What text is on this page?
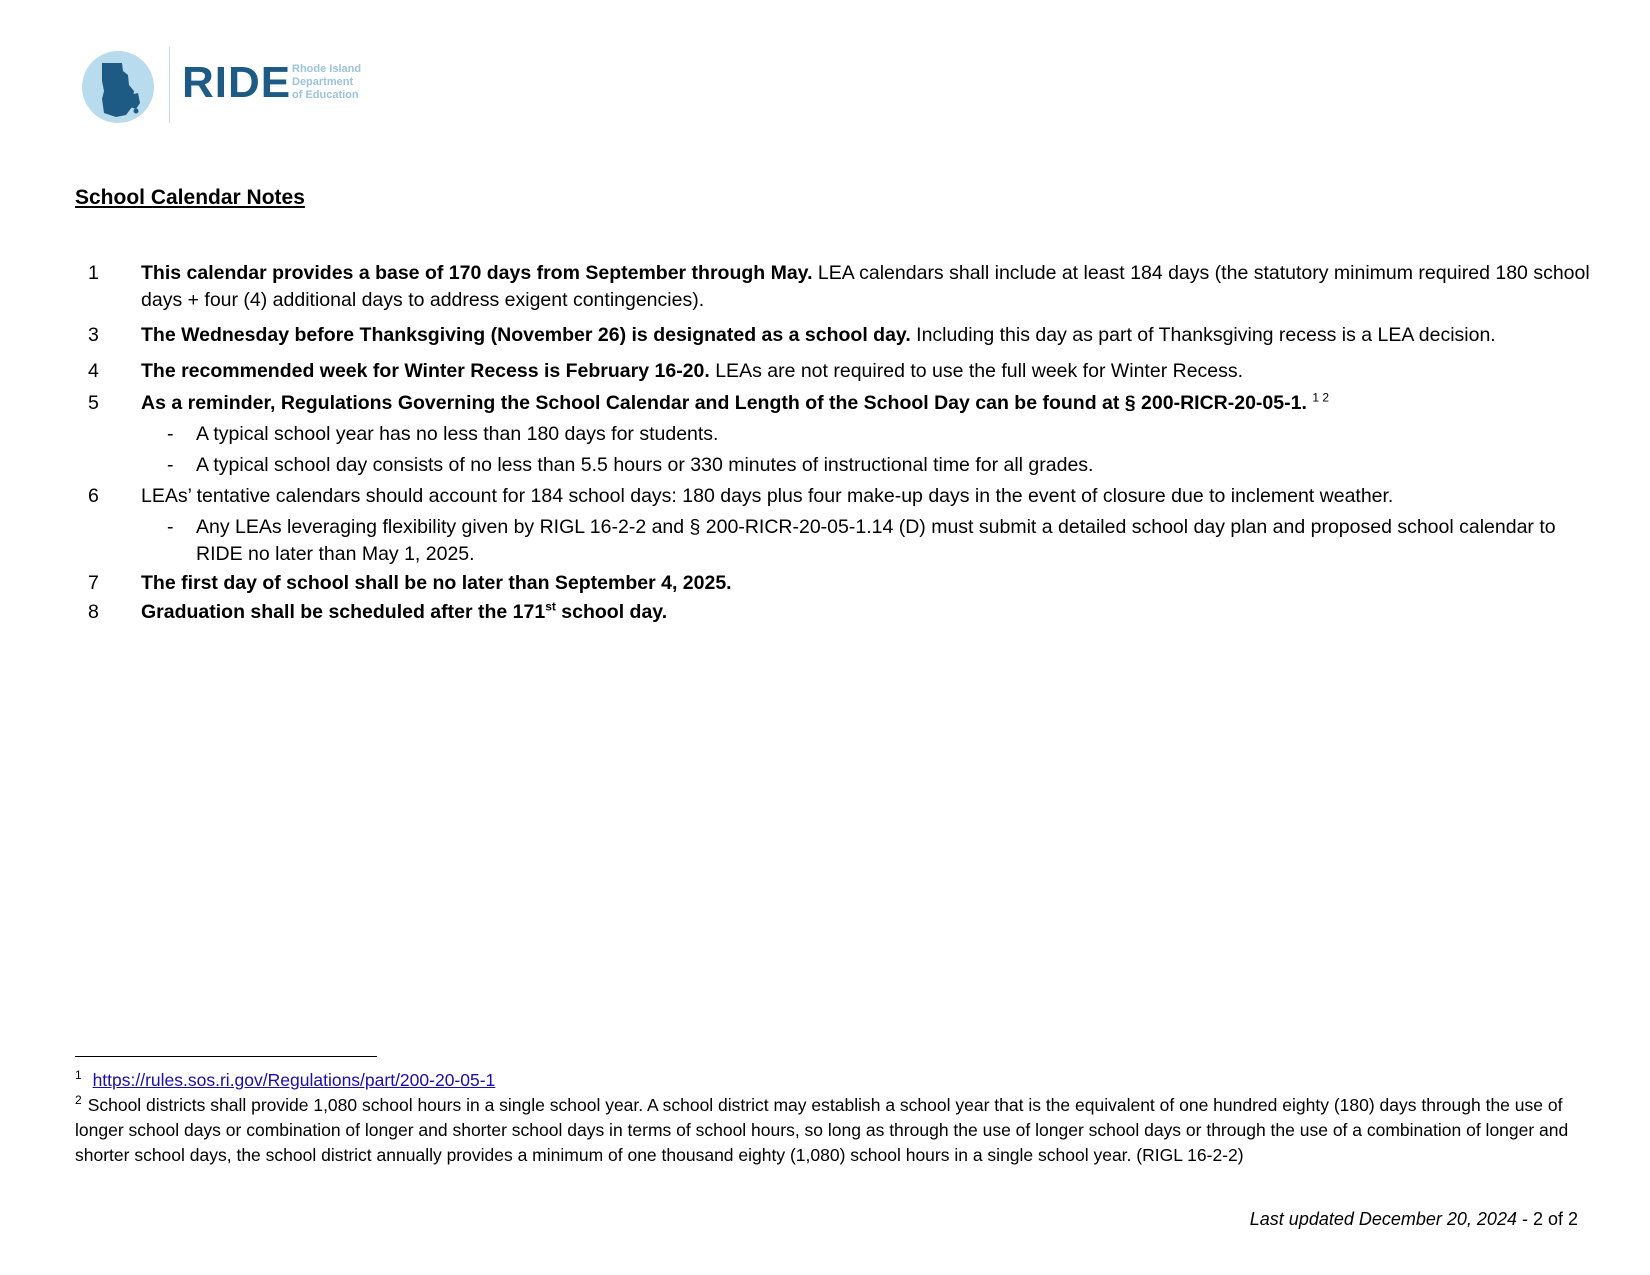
RIDE Rhode Island
Department
of Education
School Calendar Notes
1 This calendar provides a base of 170 days from September through May. LEA calendars shall include at least 184 days (the statutory minimum required 180 school days + four (4) additional days to address exigent contingencies).
3 The Wednesday before Thanksgiving (November 26) is designated as a school day. Including this day as part of Thanksgiving recess is a LEA decision.
4 The recommended week for Winter Recess is February 16-20. LEAs are not required to use the full week for Winter Recess.
5 As a reminder, Regulations Governing the School Calendar and Length of the School Day can be found at § 200-RICR-20-05-1. $^{1 2}$
- A typical school year has no less than 180 days for students.
- A typical school day consists of no less than 5.5 hours or 330 minutes of instructional time for all grades.
6 LEAs’ tentative calendars should account for 184 school days: 180 days plus four make-up days in the event of closure due to inclement weather.
- Any LEAs leveraging flexibility given by RIGL 16-2-2 and § 200-RICR-20-05-1.14 (D) must submit a detailed school day plan and proposed school calendar to RIDE no later than May 1, 2025.
7 The first day of school shall be no later than September 4, 2025.
8 Graduation shall be scheduled after the 171st school day.
$^1$ https://rules.sos.ri.gov/Regulations/part/200-20-05-1
$^2$ School districts shall provide 1,080 school hours in a single school year. A school district may establish a school year that is the equivalent of one hundred eighty (180) days through the use of longer school days or combination of longer and shorter school days in terms of school hours, so long as through the use of longer school days or through the use of a combination of longer and shorter school days, the school district annually provides a minimum of one thousand eighty (1,080) school hours in a single school year. (RIGL 16-2-2)
Last updated December 20, 2024 - 2 of 2
